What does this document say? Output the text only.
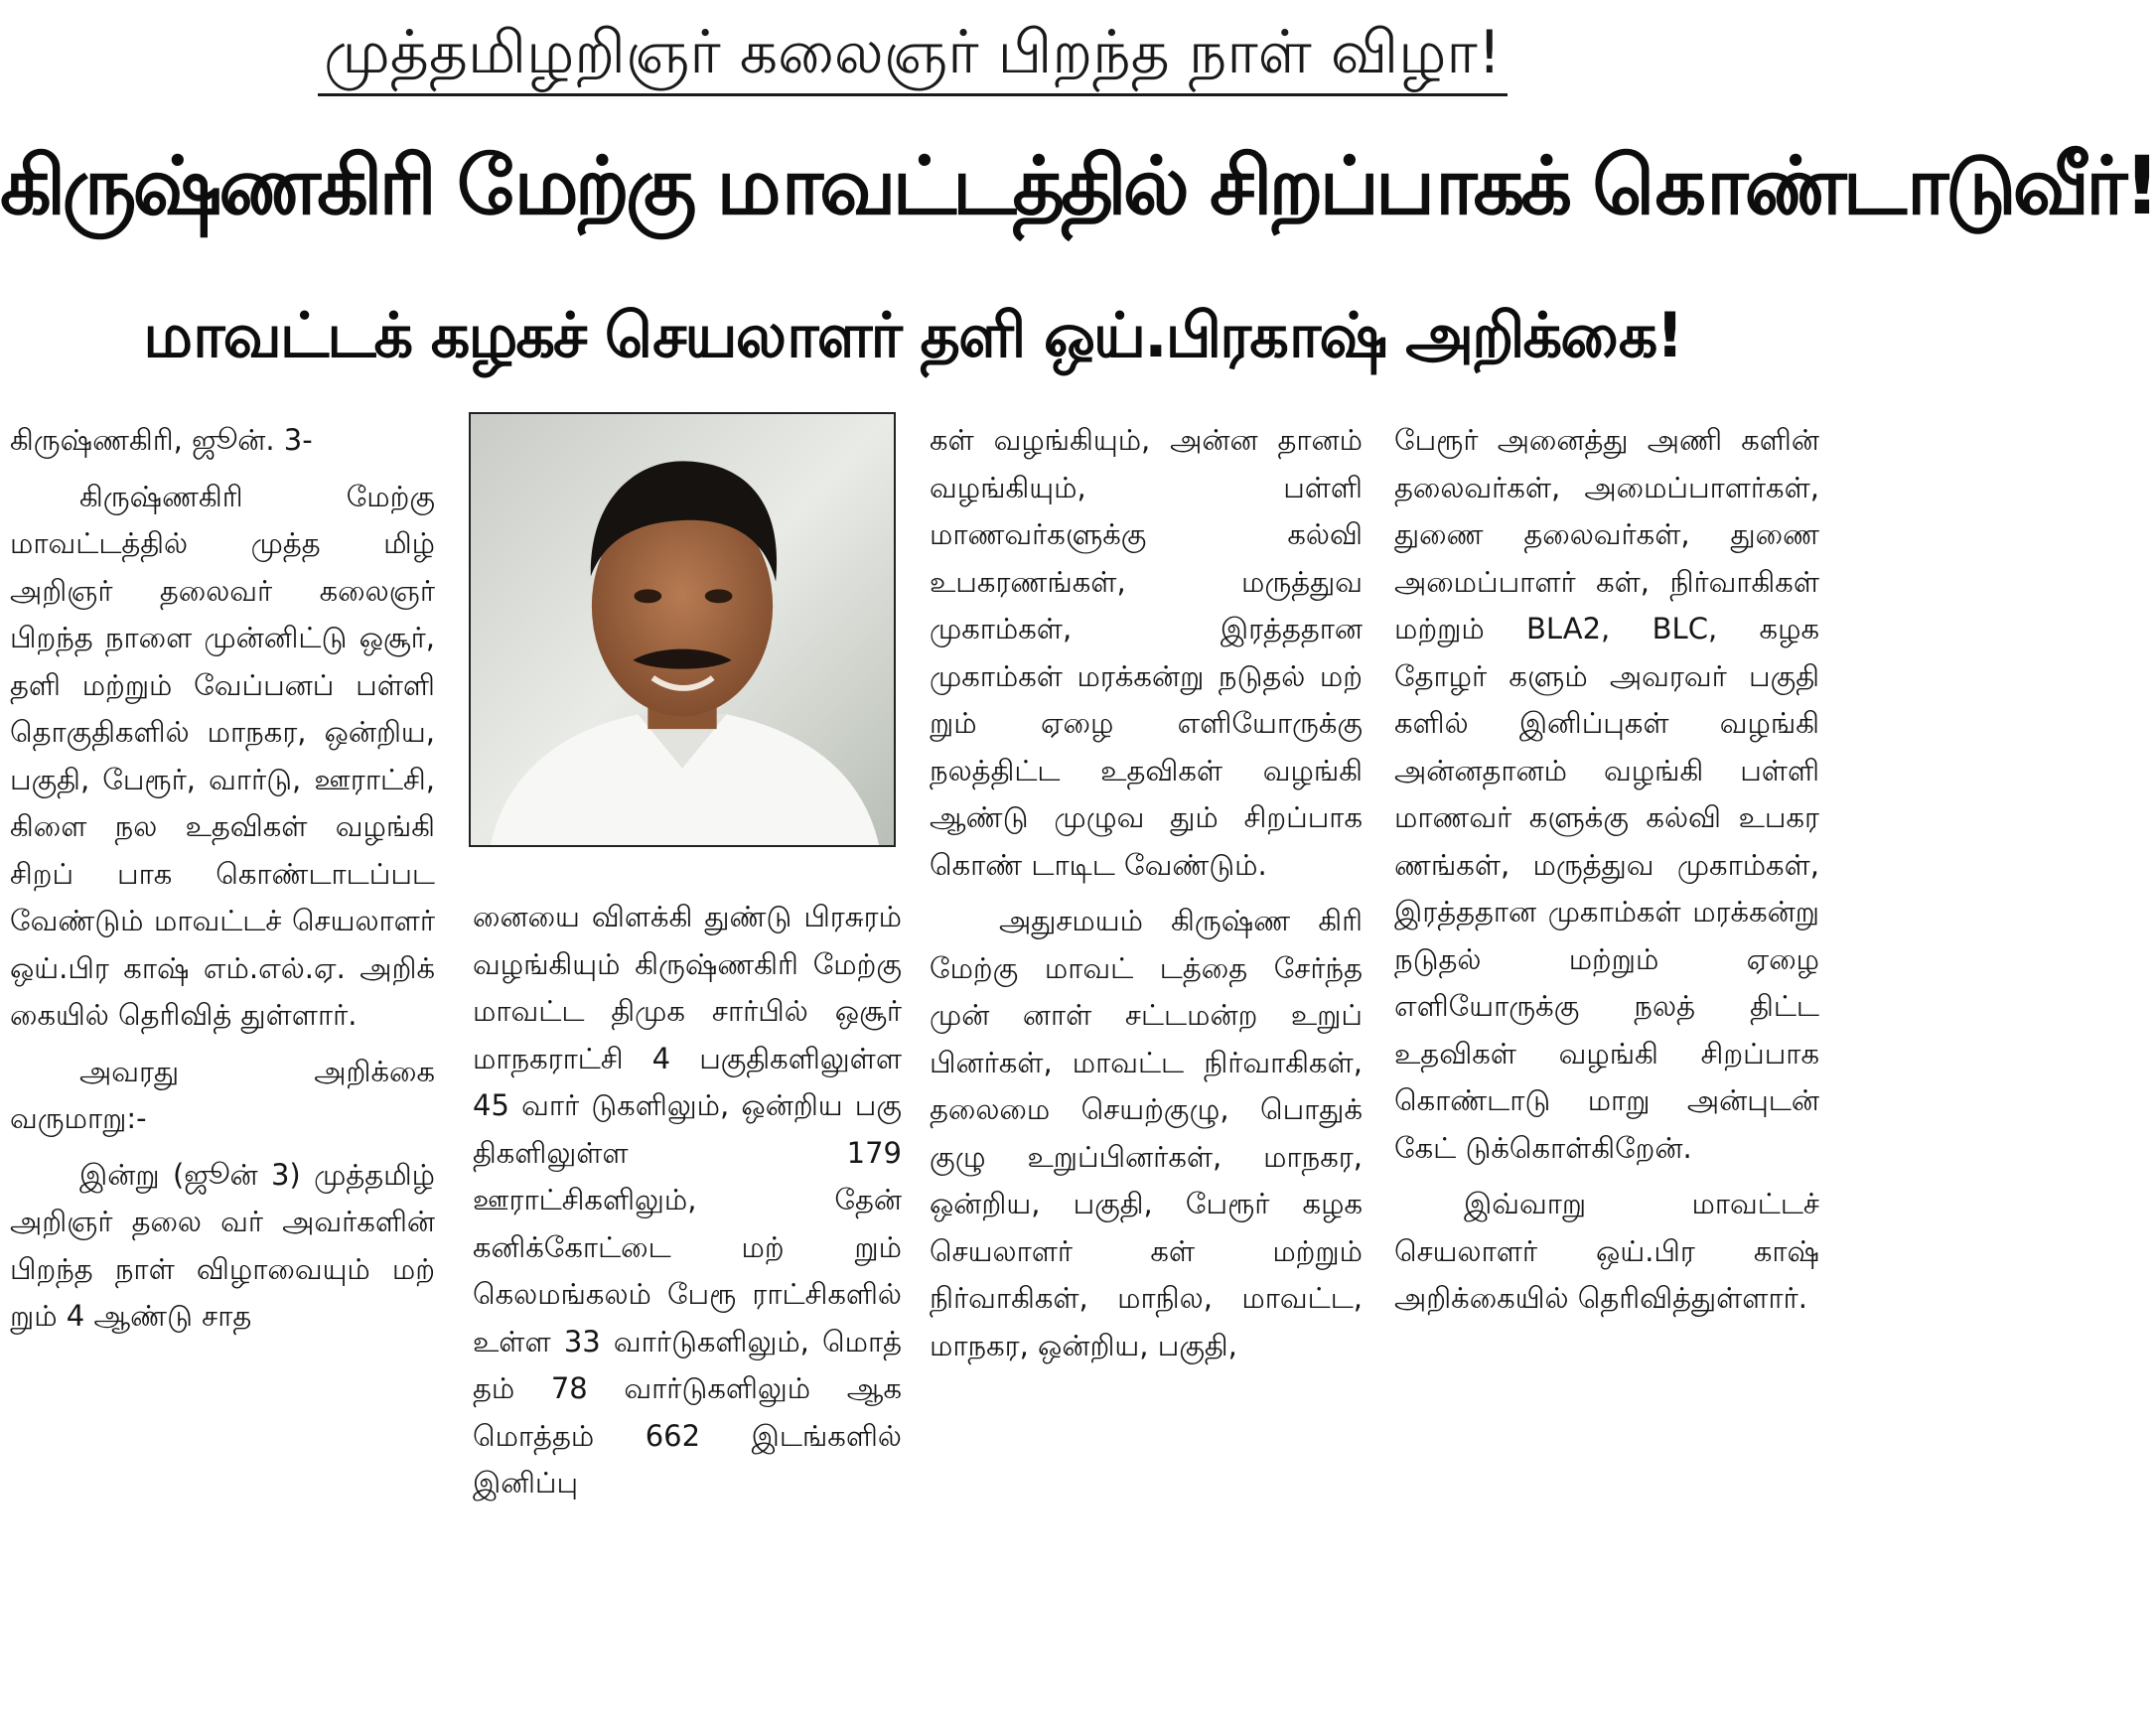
முத்தமிழறிஞர் கலைஞர் பிறந்த நாள் விழா!
கிருஷ்ணகிரி மேற்கு மாவட்டத்தில் சிறப்பாகக் கொண்டாடுவீர்!
மாவட்டக் கழகச் செயலாளர் தளி ஒய்.பிரகாஷ் அறிக்கை!

கிருஷ்ணகிரி, ஜூன். 3-

கிருஷ்ணகிரி மேற்கு மாவட்டத்தில் முத்த மிழ் அறிஞர் தலைவர் கலைஞர் பிறந்த நாளை முன்னிட்டு ஒசூர், தளி மற்றும் வேப்பனப் பள்ளி தொகுதிகளில் மாநகர, ஒன்றிய, பகுதி, பேரூர், வார்டு, ஊராட்சி, கிளை நல உதவிகள் வழங்கி சிறப் பாக கொண்டாடப்பட வேண்டும் மாவட்டச் செயலாளர் ஒய்.பிர காஷ் எம்.எல்.ஏ. அறிக் கையில் தெரிவித் துள்ளார்.

அவரது அறிக்கை வருமாறு:-

இன்று (ஜூன் 3) முத்தமிழ் அறிஞர் தலை வர் அவர்களின் பிறந்த நாள் விழாவையும் மற் றும் 4 ஆண்டு சாத

னையை விளக்கி துண்டு பிரசுரம் வழங்கியும் கிருஷ்ணகிரி மேற்கு மாவட்ட திமுக சார்பில் ஒசூர் மாநகராட்சி 4 பகுதிகளிலுள்ள 45 வார் டுகளிலும், ஒன்றிய பகு திகளிலுள்ள 179 ஊராட்சிகளிலும், தேன் கனிக்கோட்டை மற் றும் கெலமங்கலம் பேரூ ராட்சிகளில் உள்ள 33 வார்டுகளிலும், மொத் தம் 78 வார்டுகளிலும் ஆக மொத்தம் 662 இடங்களில் இனிப்பு

கள் வழங்கியும், அன்ன தானம் வழங்கியும், பள்ளி மாணவர்களுக்கு கல்வி உபகரணங்கள், மருத்துவ முகாம்கள், இரத்ததான முகாம்கள் மரக்கன்று நடுதல் மற் றும் ஏழை எளியோருக்கு நலத்திட்ட உதவிகள் வழங்கி ஆண்டு முழுவ தும் சிறப்பாக கொண் டாடிட வேண்டும்.

அதுசமயம் கிருஷ்ண கிரி மேற்கு மாவட் டத்தை சேர்ந்த முன் னாள் சட்டமன்ற உறுப் பினர்கள், மாவட்ட நிர்வாகிகள், தலைமை செயற்குழு, பொதுக் குழு உறுப்பினர்கள், மாநகர, ஒன்றிய, பகுதி, பேரூர் கழக செயலாளர் கள் மற்றும் நிர்வாகிகள், மாநில, மாவட்ட, மாநகர, ஒன்றிய, பகுதி,

பேரூர் அனைத்து அணி களின் தலைவர்கள், அமைப்பாளர்கள், துணை தலைவர்கள், துணை அமைப்பாளர் கள், நிர்வாகிகள் மற்றும் BLA2, BLC, கழக தோழர் களும் அவரவர் பகுதி களில் இனிப்புகள் வழங்கி அன்னதானம் வழங்கி பள்ளி மாணவர் களுக்கு கல்வி உபகர ணங்கள், மருத்துவ முகாம்கள், இரத்ததான முகாம்கள் மரக்கன்று நடுதல் மற்றும் ஏழை எளியோருக்கு நலத் திட்ட உதவிகள் வழங்கி சிறப்பாக கொண்டாடு மாறு அன்புடன் கேட் டுக்கொள்கிறேன்.

இவ்வாறு மாவட்டச் செயலாளர் ஒய்.பிர காஷ் அறிக்கையில் தெரிவித்துள்ளார்.
